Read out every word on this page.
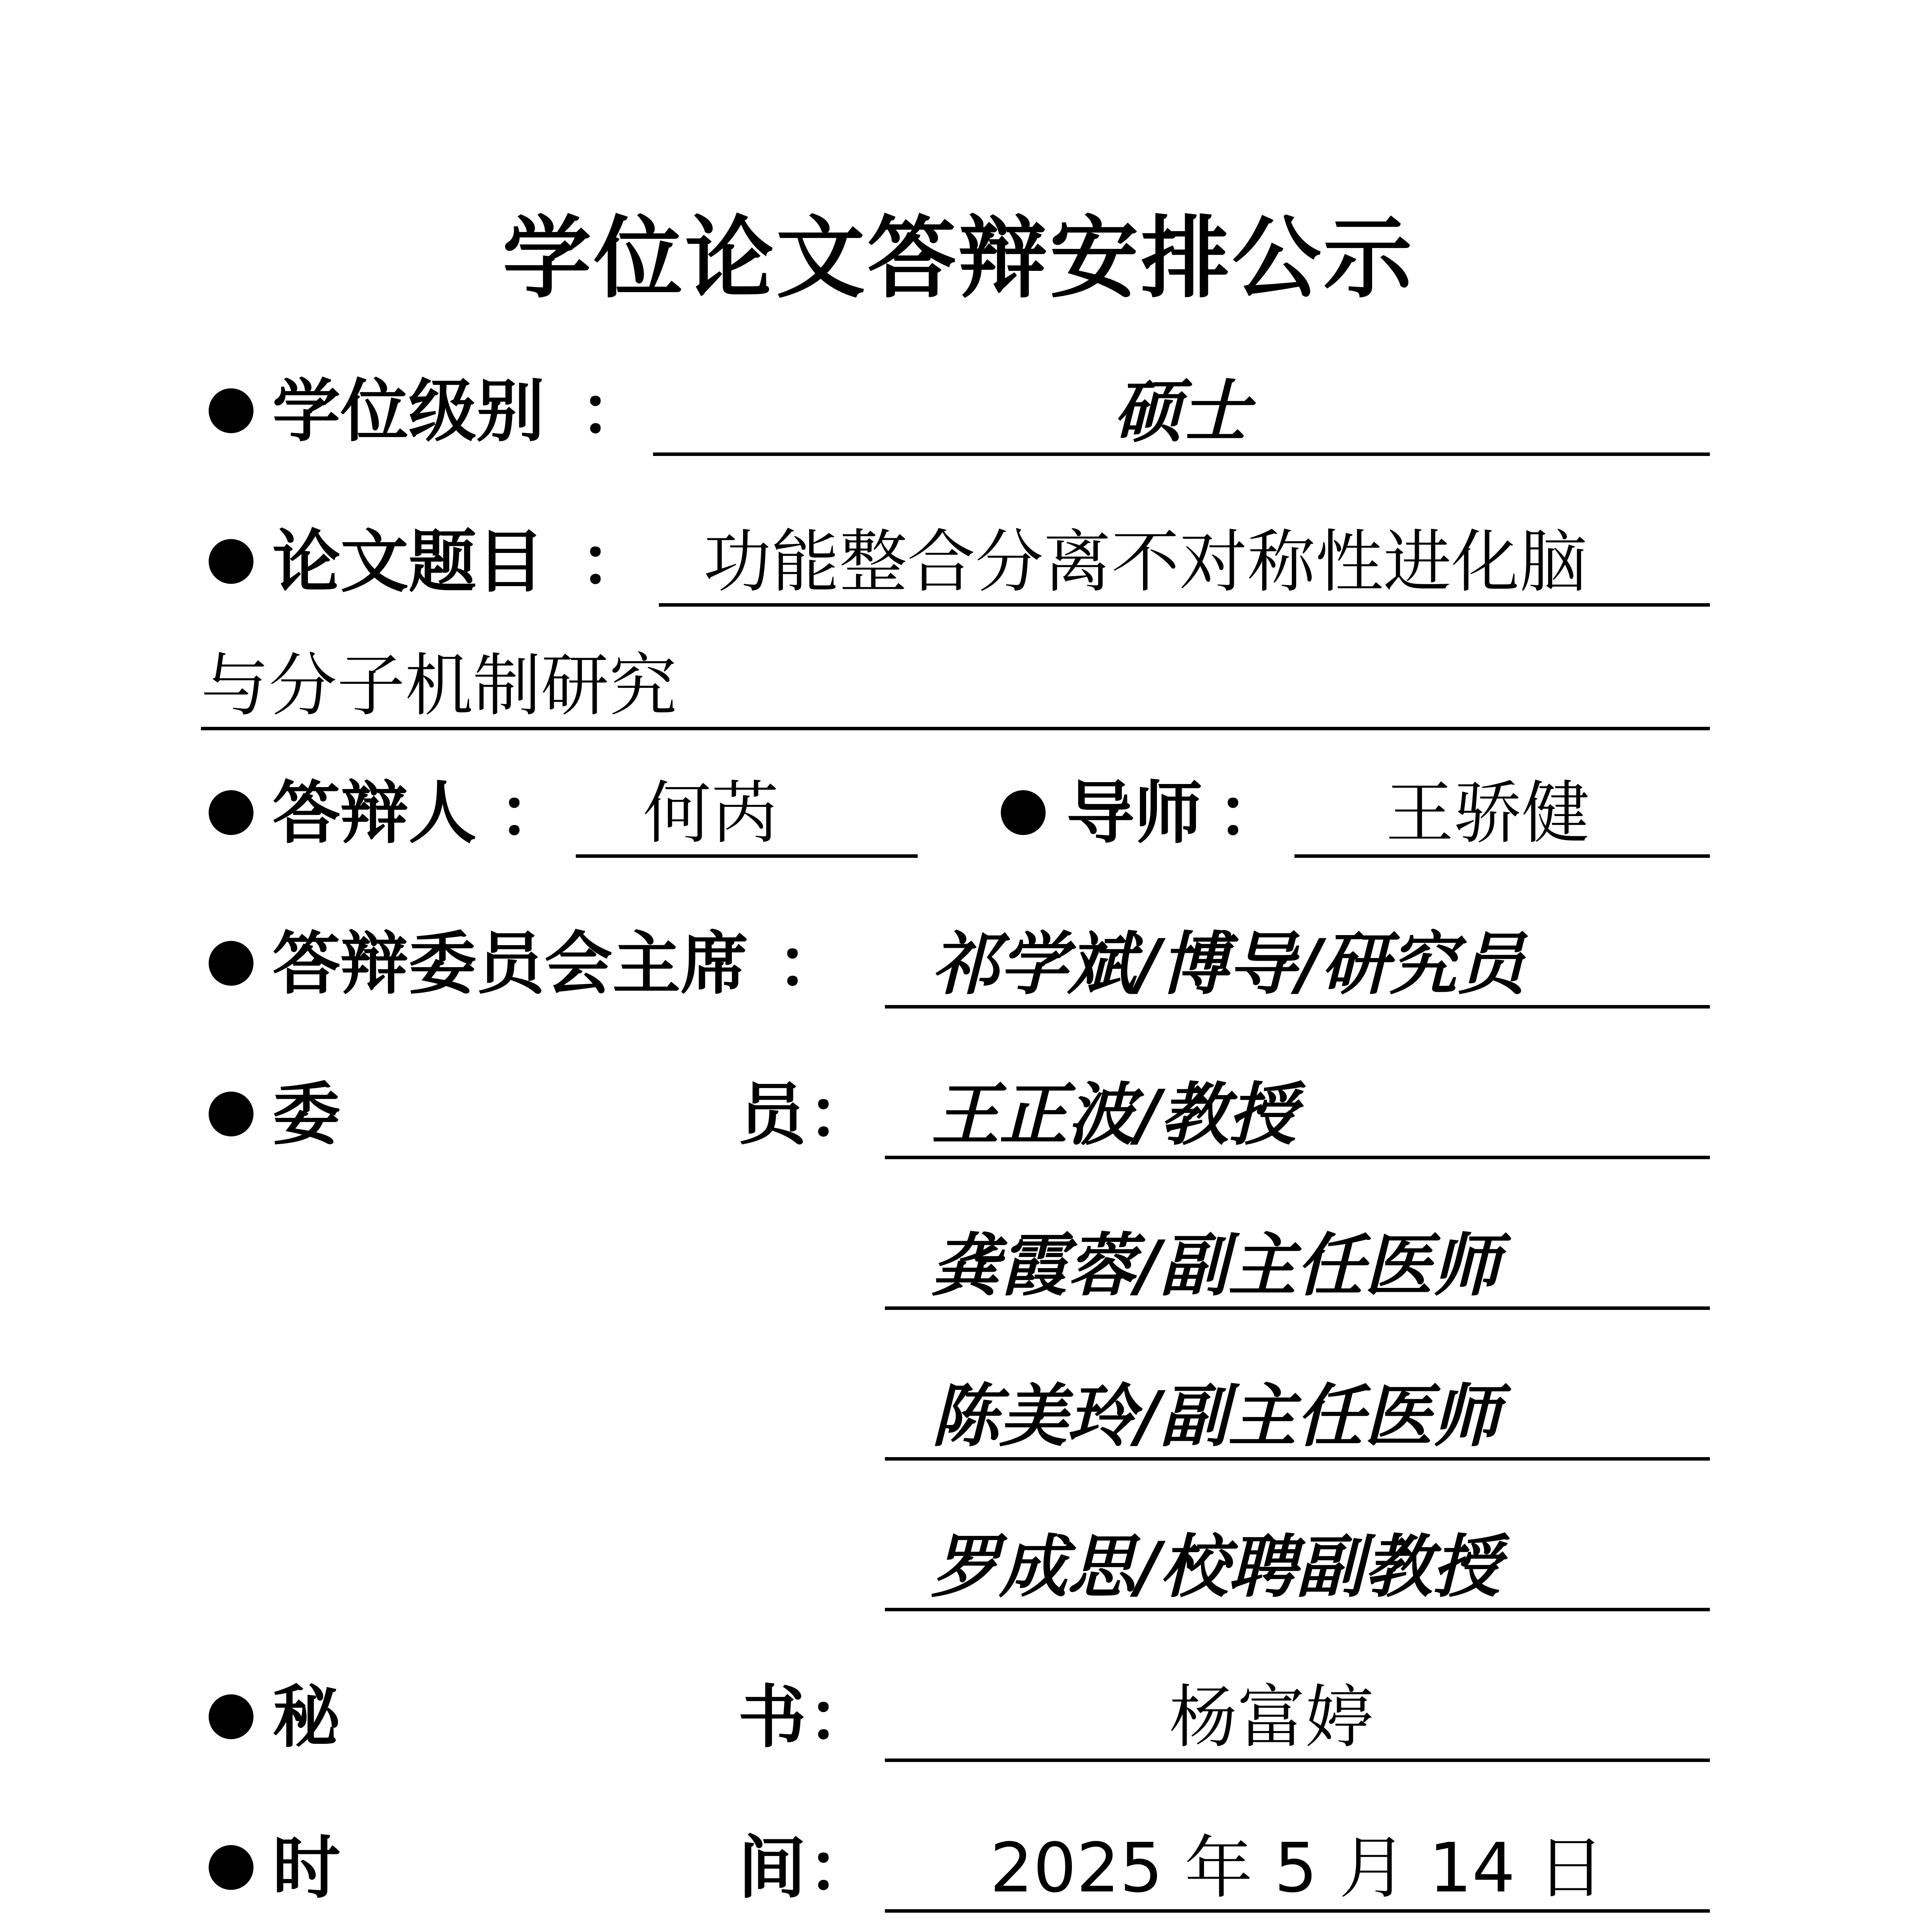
学位论文答辩安排公示
学位级别 ：	硕士
论文题目 ： 功能整合分离不对称性进化脑
与分子机制研究
答辩人 ：	何芮	导师 ：	王骄健
答辩委员会主席 ： 祁学斌/博导/研究员
委	员 ： 王正波/教授
龚霞蓉/副主任医师
陈美玲/副主任医师
罗成思/校聘副教授
秘	书 ：	杨富婷
时	间 ：	2025 年 5 月 14 日
